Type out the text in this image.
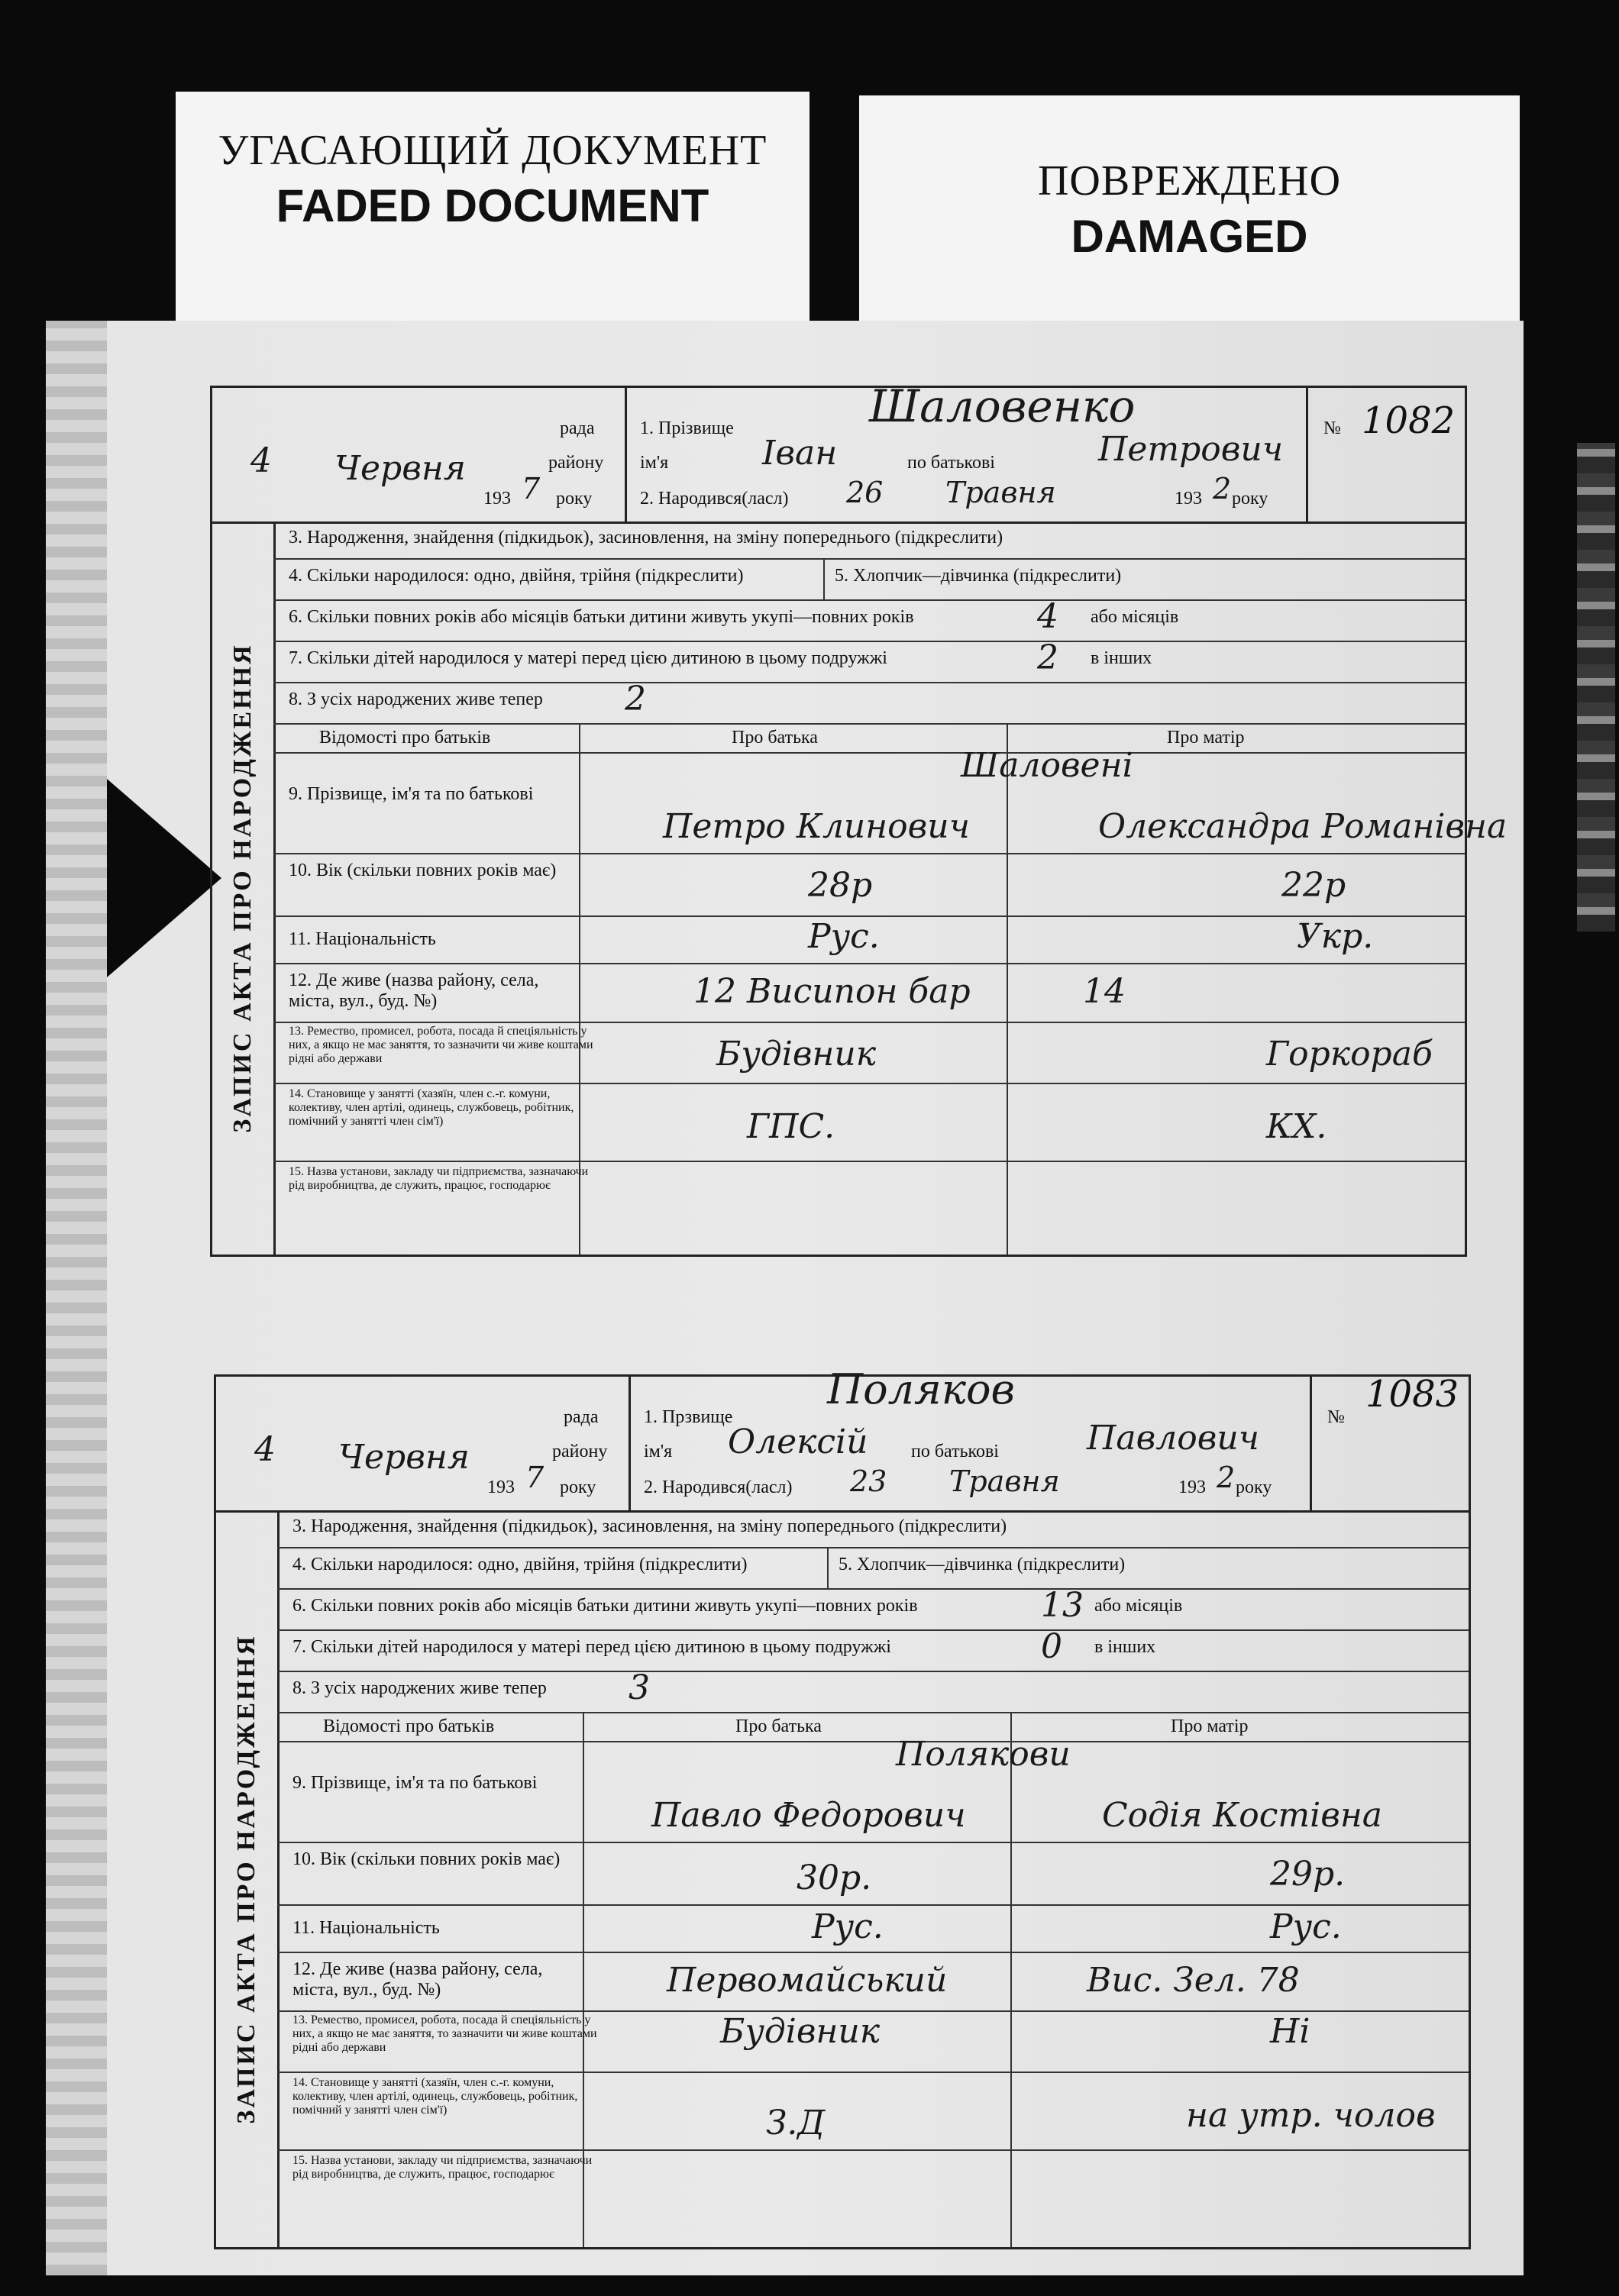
УГАСАЮЩИЙ ДОКУМЕНТ
FADED DOCUMENT	ПОВРЕЖДЕНО
DAMAGED
рада
району
року
4 Червня
193 7
1. Прізвище	Шаловенко
ім'я	Іван	по батькові	Петрович
2. Народився(ласл) 26 Травня	193 2 року
№ 1082
ЗАПИС АКТА ПРО НАРОДЖЕННЯ
3. Народження, знайдення (підкидьок), засиновлення, на зміну попереднього (підкреслити)
4. Скільки народилося: одно, двійня, трійня (підкреслити)	5. Хлопчик—дівчинка (підкреслити)
6. Скільки повних років або місяців батьки дитини живуть укупі—повних років	4 або місяців
7. Скільки дітей народилося у матері перед цією дитиною в цьому подружжі	2 в інших
8. З усіх народжених живе тепер 2
Відомості про батьків	Про батька	Про матір
9. Прізвище, ім'я та по батькові
Шаловені
Петро Клинович	Олександра Романівна
10. Вік (скільки повних років має)	28р	22р
11. Національність	Рус.	Укр.
12. Де живе (назва району, села, міста, вул., буд. №)	12 Висипон бар	14
13. Ремество, промисел, робота, посада й спеціяльність у них, а якщо не має заняття, то зазначити чи живе коштами рідні або держави	Будівник	Горкораб
14. Становище у занятті (хазяїн, член с.-г. комуни, колективу, член артілі, одинець, службовець, робітник, помічний у занятті член сім'ї)	ГПС.	КХ.
15. Назва установи, закладу чи підприємства, зазначаючи рід виробництва, де служить, працює, господарює
рада
району
року
4 Червня
193 7
1. Прзвище
Поляков
ім'я Олексій по батькові	Павлович
2. Народився(ласл) 23 Травня	193 2 року
№
1083
ЗАПИС АКТА ПРО НАРОДЖЕННЯ
3. Народження, знайдення (підкидьок), засиновлення, на зміну попереднього (підкреслити)
4. Скільки народилося: одно, двійня, трійня (підкреслити)	5. Хлопчик—дівчинка (підкреслити)
6. Скільки повних років або місяців батьки дитини живуть укупі—повних років	13 або місяців
7. Скільки дітей народилося у матері перед цією дитиною в цьому подружжі	0 в інших
8. З усіх народжених живе тепер 3
Відомості про батьків	Про батька	Про матір
9. Прізвище, ім'я та по батькові
Полякови
Павло Федорович	Содія Костівна
10. Вік (скільки повних років має)	30р.	29р.
11. Національність	Рус.	Рус.
12. Де живе (назва району, села, міста, вул., буд. №)	Первомайський	Вис. Зел. 78
13. Ремество, промисел, робота, посада й спеціяльність у них, а якщо не має заняття, то зазначити чи живе коштами рідні або держави	Будівник	Ні
14. Становище у занятті (хазяїн, член с.-г. комуни, колективу, член артілі, одинець, службовець, робітник, помічний у занятті член сім'ї)	З.Д	на утр. чолов
15. Назва установи, закладу чи підприємства, зазначаючи рід виробництва, де служить, працює, господарює
